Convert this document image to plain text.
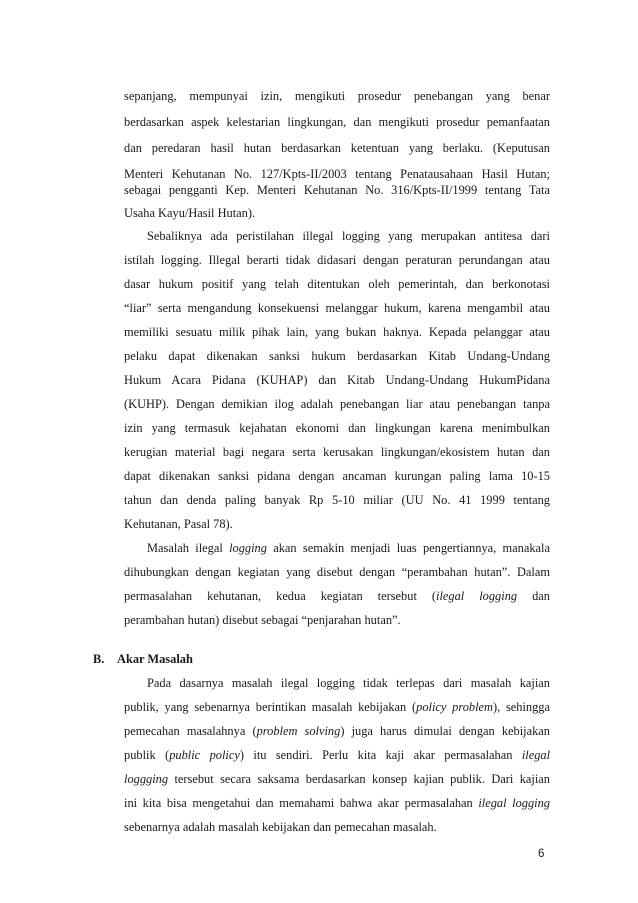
sepanjang, mempunyai izin, mengikuti prosedur penebangan yang benar
berdasarkan aspek kelestarian lingkungan, dan mengikuti prosedur pemanfaatan
dan peredaran hasil hutan berdasarkan ketentuan yang berlaku. (Keputusan
Menteri Kehutanan No. 127/Kpts-II/2003 tentang Penatausahaan Hasil Hutan;
sebagai pengganti Kep. Menteri Kehutanan No. 316/Kpts-II/1999 tentang Tata
Usaha Kayu/Hasil Hutan).
Sebaliknya ada peristilahan illegal logging yang merupakan antitesa dari
istilah logging. Illegal berarti tidak didasari dengan peraturan perundangan atau
dasar hukum positif yang telah ditentukan oleh pemerintah, dan berkonotasi
“liar” serta mengandung konsekuensi melanggar hukum, karena mengambil atau
memiliki sesuatu milik pihak lain, yang bukan haknya. Kepada pelanggar atau
pelaku dapat dikenakan sanksi hukum berdasarkan Kitab Undang-Undang
Hukum Acara Pidana (KUHAP) dan Kitab Undang-Undang HukumPidana
(KUHP). Dengan demikian ilog adalah penebangan liar atau penebangan tanpa
izin yang termasuk kejahatan ekonomi dan lingkungan karena menimbulkan
kerugian material bagi negara serta kerusakan lingkungan/ekosistem hutan dan
dapat dikenakan sanksi pidana dengan ancaman kurungan paling lama 10-15
tahun dan denda paling banyak Rp 5-10 miliar (UU No. 41 1999 tentang
Kehutanan, Pasal 78).
Masalah ilegal logging akan semakin menjadi luas pengertiannya, manakala
dihubungkan dengan kegiatan yang disebut dengan “perambahan hutan”. Dalam
permasalahan kehutanan, kedua kegiatan tersebut (ilegal logging dan
perambahan hutan) disebut sebagai “penjarahan hutan”.
B. Akar Masalah
Pada dasarnya masalah ilegal logging tidak terlepas dari masalah kajian
publik, yang sebenarnya berintikan masalah kebijakan (policy problem), sehingga
pemecahan masalahnya (problem solving) juga harus dimulai dengan kebijakan
publik (public policy) itu sendiri. Perlu kita kaji akar permasalahan ilegal
loggging tersebut secara saksama berdasarkan konsep kajian publik. Dari kajian
ini kita bisa mengetahui dan memahami bahwa akar permasalahan ilegal logging
sebenarnya adalah masalah kebijakan dan pemecahan masalah.
6
